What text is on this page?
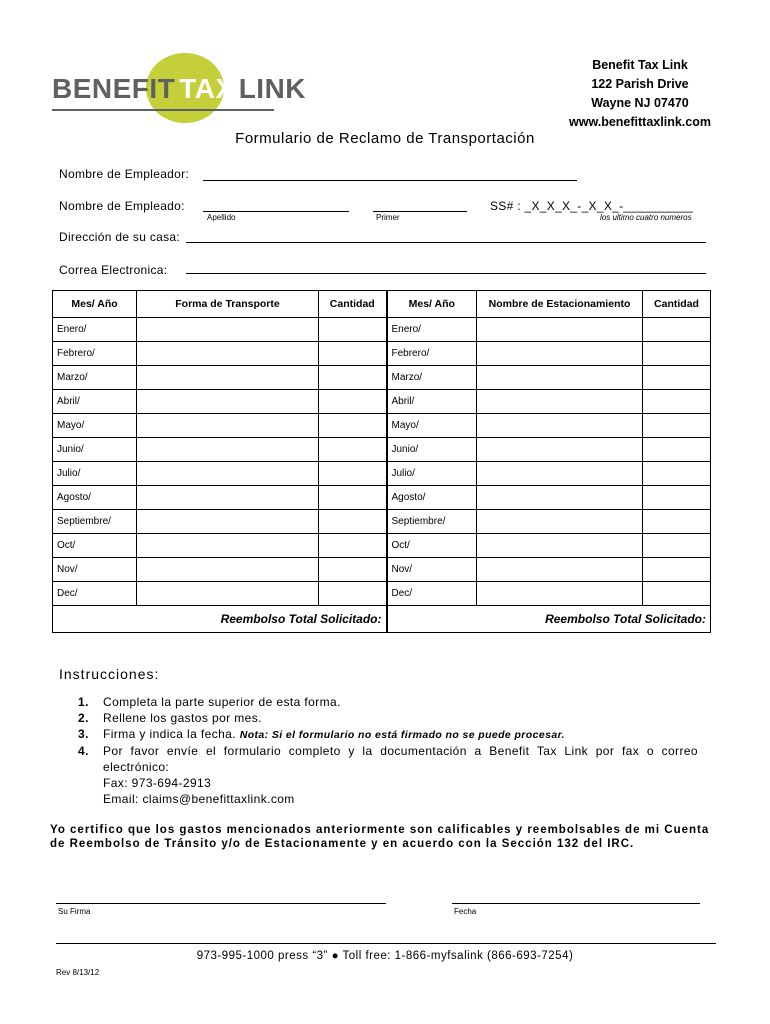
BENEFIT TAX LINK
Benefit Tax Link
122 Parish Drive
Wayne NJ 07470
www.benefittaxlink.com
Formulario de Reclamo de Transportación
Nombre de Empleador:
Nombre de Empleado:
Apellido	Primer
SS# : _X_X_X_-_X_X_-__________
los ultimo cuatro numeros
Dirección de su casa:
Correa Electronica:
Mes/ Año	Forma de Transporte	Cantidad	Mes/ Año	Nombre de Estacionamiento	Cantidad
Enero/			Enero/		
Febrero/			Febrero/		
Marzo/			Marzo/		
Abril/			Abril/		
Mayo/			Mayo/		
Junio/			Junio/		
Julio/			Julio/		
Agosto/			Agosto/		
Septiembre/			Septiembre/		
Oct/			Oct/		
Nov/			Nov/		
Dec/			Dec/		
Reembolso Total Solicitado:			Reembolso Total Solicitado:		
Instrucciones:
1. Completa la parte superior de esta forma.
2. Rellene los gastos por mes.
3. Firma y indica la fecha. Nota: Si el formulario no está firmado no se puede procesar.
4. Por favor envíe el formulario completo y la documentación a Benefit Tax Link por fax o correo electrónico:
Fax: 973-694-2913
Email: claims@benefittaxlink.com
Yo certifico que los gastos mencionados anteriormente son calificables y reembolsables de mi Cuenta de Reembolso de Tránsito y/o de Estacionamente y en acuerdo con la Sección 132 del IRC.
Su Firma	Fecha
973-995-1000 press “3” ● Toll free: 1-866-myfsalink (866-693-7254)
Rev 8/13/12
